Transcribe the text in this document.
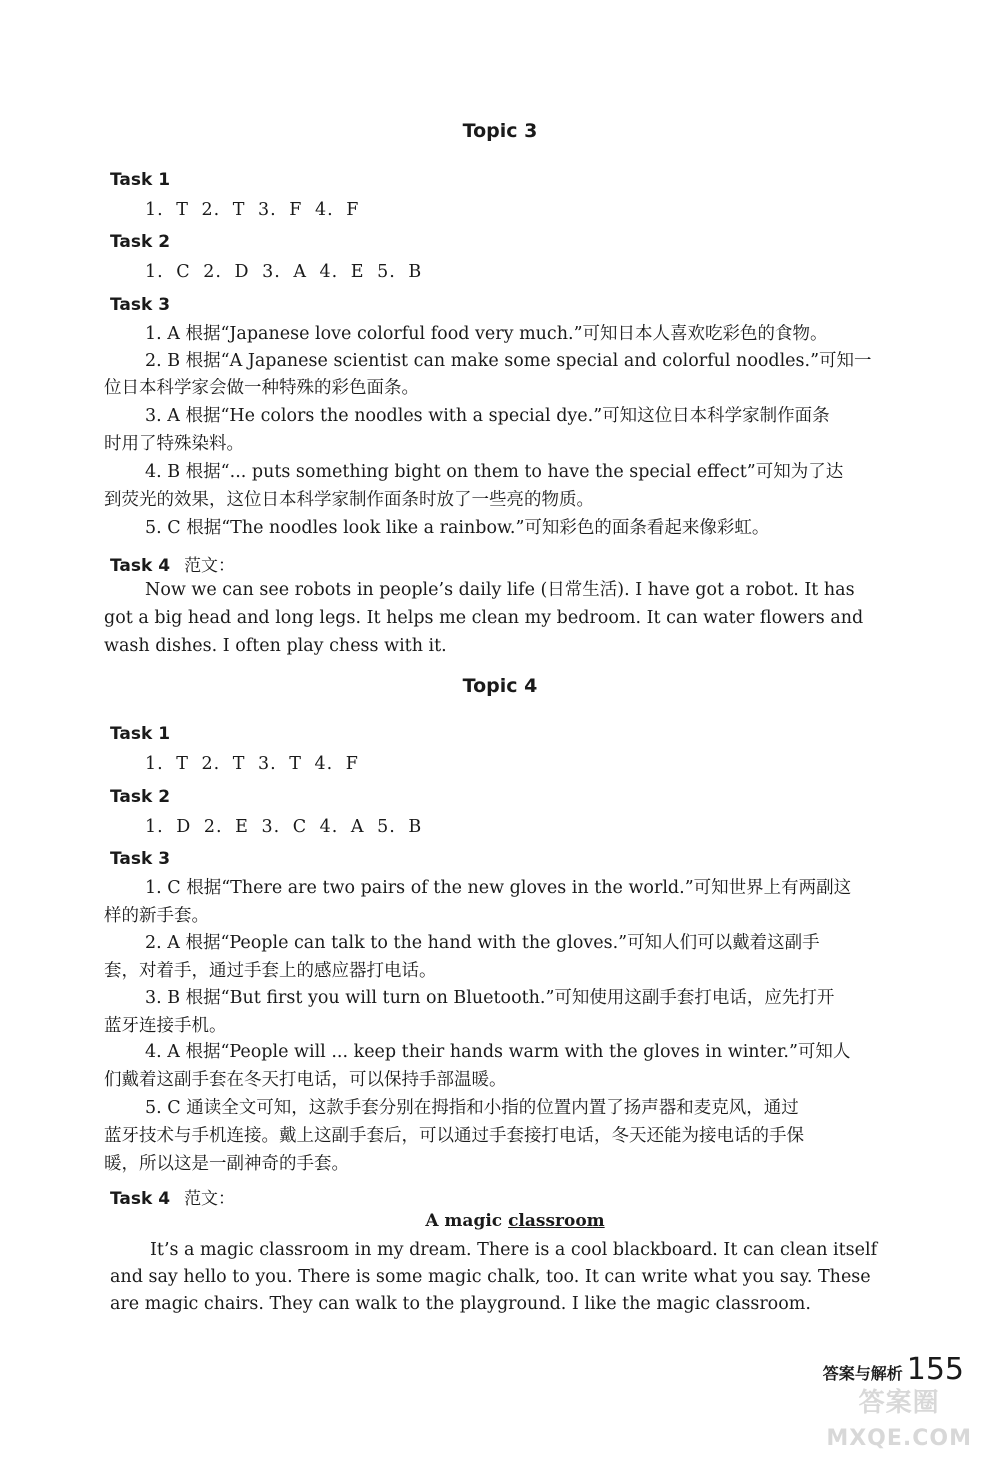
Topic 3
Task 1
1. T 2. T 3. F 4. F
Task 2
1. C 2. D 3. A 4. E 5. B
Task 3
1. A 根据“Japanese love colorful food very much.”可知日本人喜欢吃彩色的食物。
2. B 根据“A Japanese scientist can make some special and colorful noodles.”可知一
位日本科学家会做一种特殊的彩色面条。
3. A 根据“He colors the noodles with a special dye.”可知这位日本科学家制作面条
时用了特殊染料。
4. B 根据“... puts something bight on them to have the special effect”可知为了达
到荧光的效果，这位日本科学家制作面条时放了一些亮的物质。
5. C 根据“The noodles look like a rainbow.”可知彩色的面条看起来像彩虹。
Task 4 范文：
Now we can see robots in people’s daily life (日常生活). I have got a robot. It has
got a big head and long legs. It helps me clean my bedroom. It can water flowers and
wash dishes. I often play chess with it.
Topic 4
Task 1
1. T 2. T 3. T 4. F
Task 2
1. D 2. E 3. C 4. A 5. B
Task 3
1. C 根据“There are two pairs of the new gloves in the world.”可知世界上有两副这
样的新手套。
2. A 根据“People can talk to the hand with the gloves.”可知人们可以戴着这副手
套，对着手，通过手套上的感应器打电话。
3. B 根据“But first you will turn on Bluetooth.”可知使用这副手套打电话，应先打开
蓝牙连接手机。
4. A 根据“People will ... keep their hands warm with the gloves in winter.”可知人
们戴着这副手套在冬天打电话，可以保持手部温暖。
5. C 通读全文可知，这款手套分别在拇指和小指的位置内置了扬声器和麦克风，通过
蓝牙技术与手机连接。戴上这副手套后，可以通过手套接打电话，冬天还能为接电话的手保
暖，所以这是一副神奇的手套。
Task 4 范文：
A magic classroom
It’s a magic classroom in my dream. There is a cool blackboard. It can clean itself
and say hello to you. There is some magic chalk, too. It can write what you say. These
are magic chairs. They can walk to the playground. I like the magic classroom.
答案与解析 155
答案圈
MXQE.COM
